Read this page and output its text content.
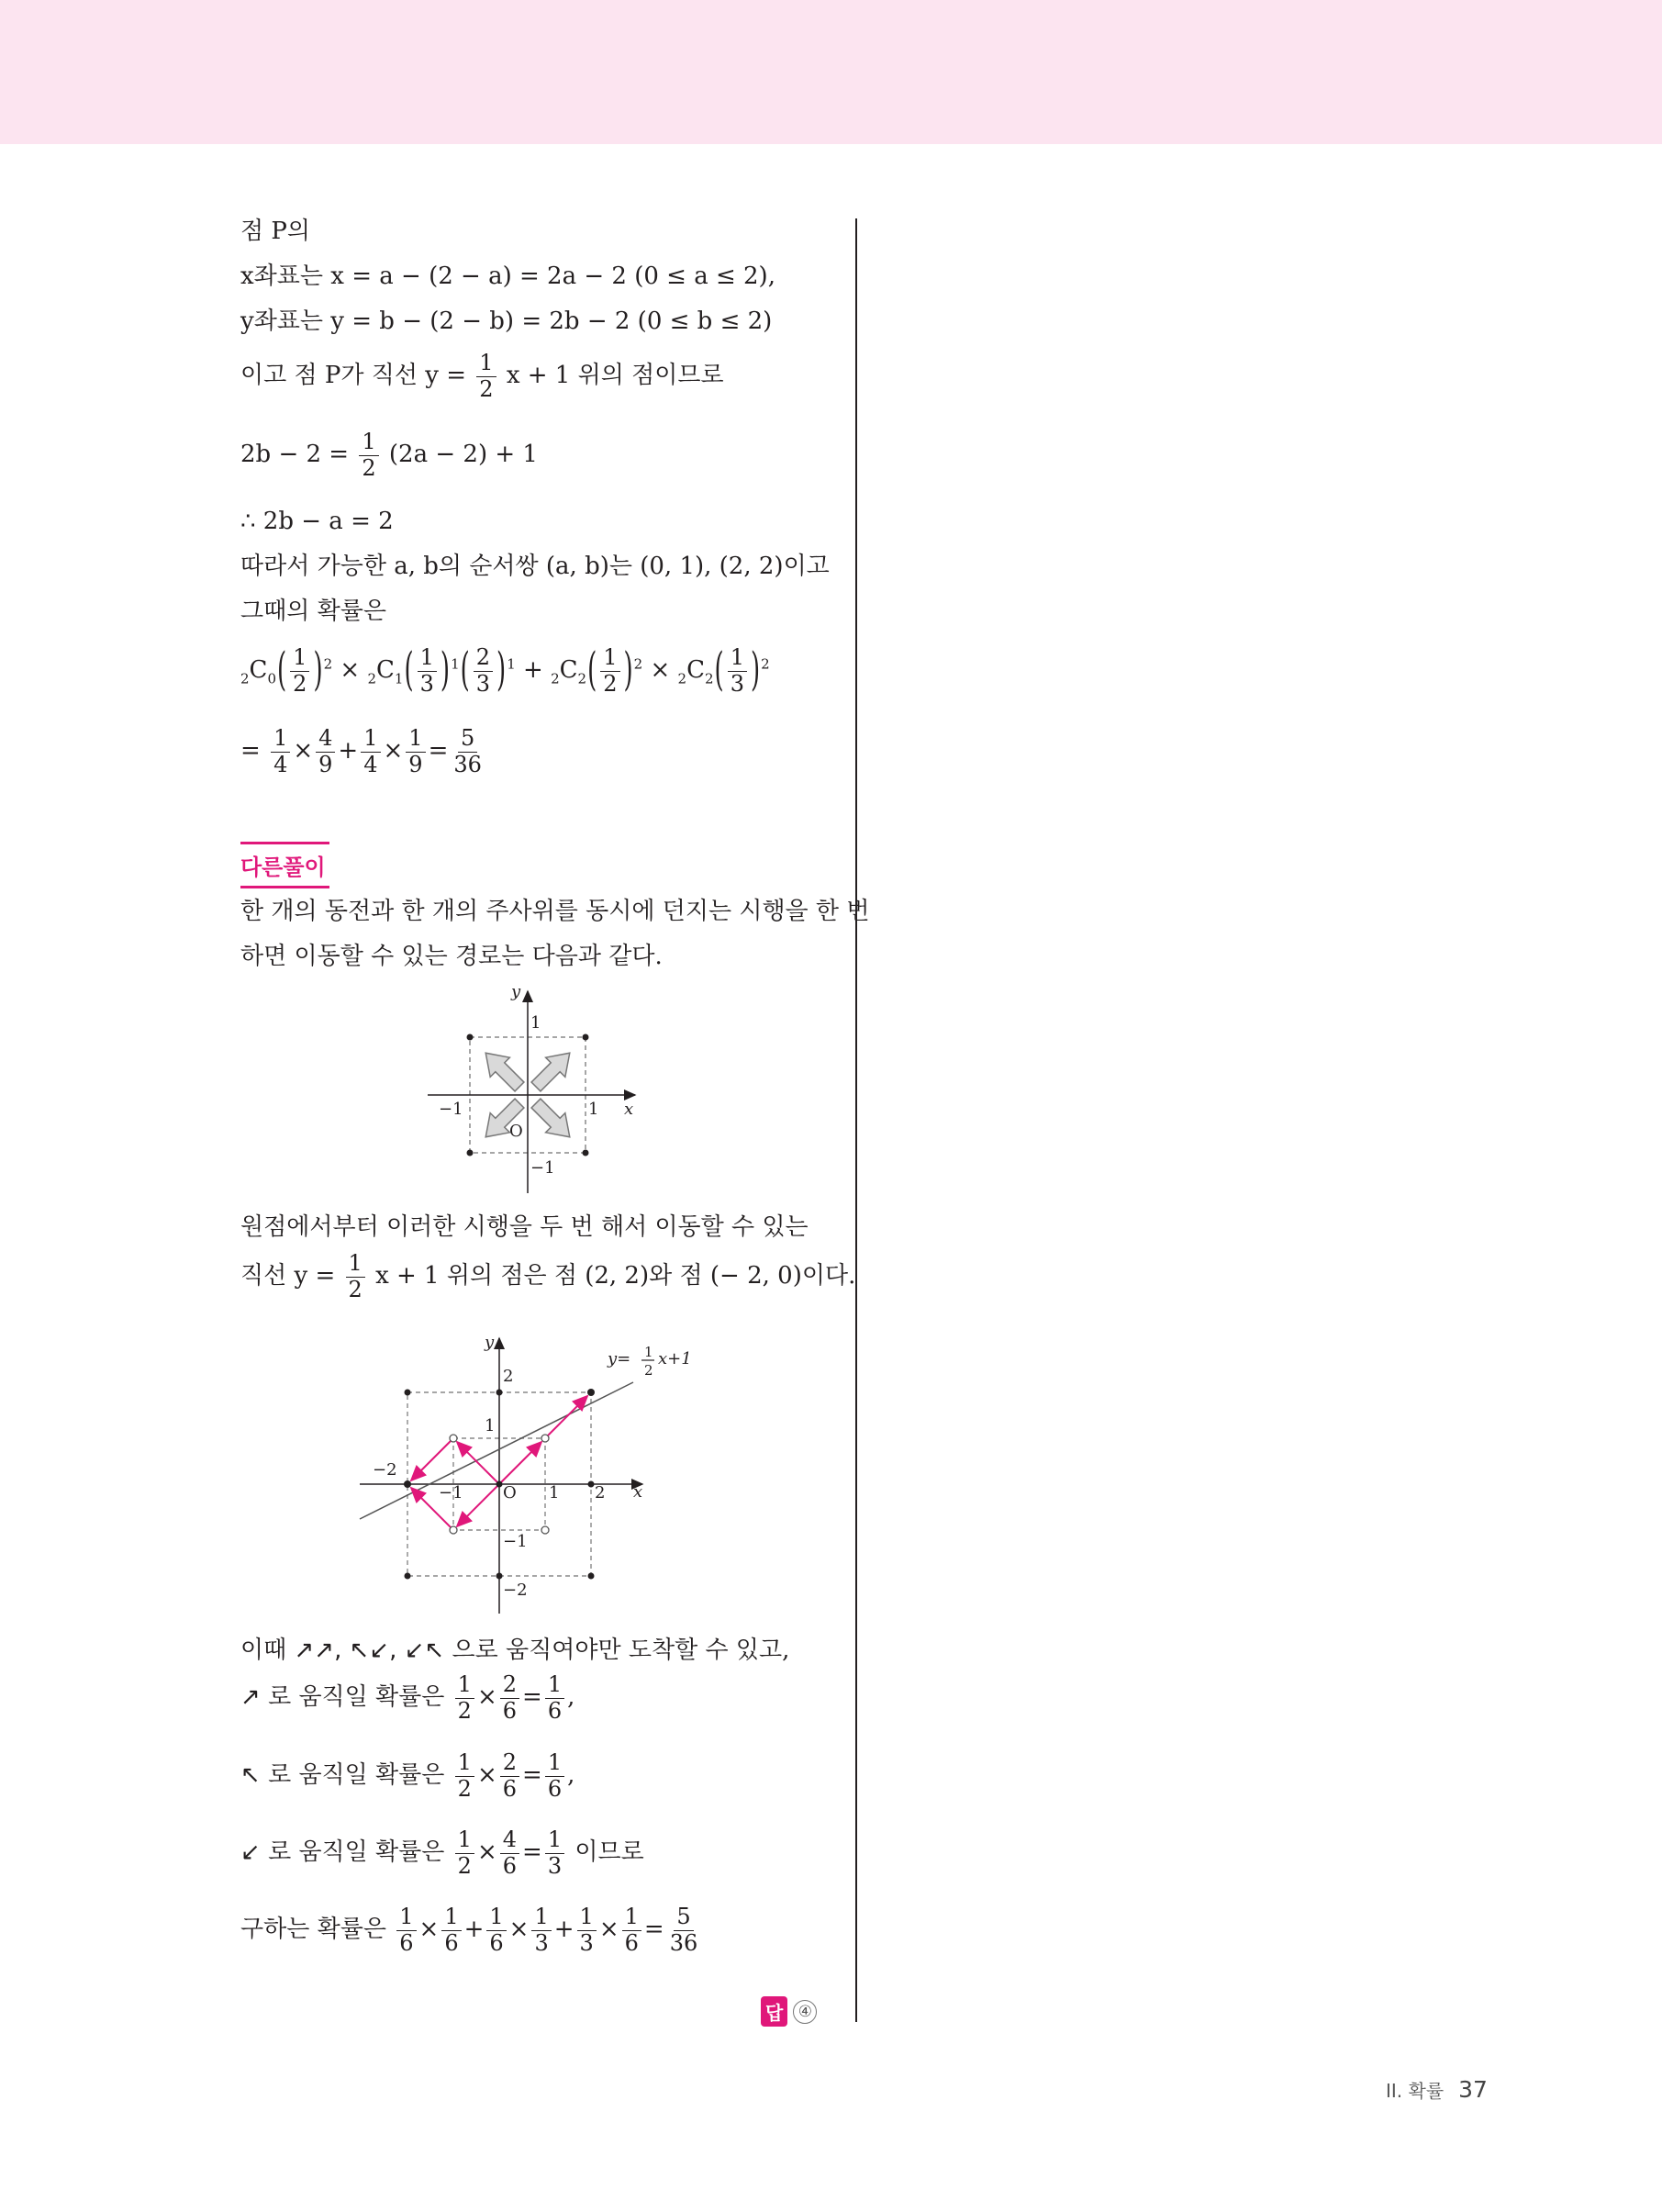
점 P의
x좌표는 x = a − (2 − a) = 2a − 2 (0 ≤ a ≤ 2),
y좌표는 y = b − (2 − b) = 2b − 2 (0 ≤ b ≤ 2)
이고 점 P가 직선 $y = \frac{1}{2}$ x + 1 위의 점이므로
$2b - 2 = \frac{1}{2} (2a - 2) + 1$
∴ 2b − a = 2
따라서 가능한 a, b의 순서쌍 (a, b)는 (0, 1), (2, 2)이고
그때의 확률은
$_2C_0( \frac{1}{2} )^2 \times _2C_1( \frac{1}{3} )^1( \frac{2}{3} )^1 + _2C_2( \frac{1}{2} )^2 \times _2C_2( \frac{1}{3} )^2$
= $\frac{1}{4} \times \frac{4}{9} + \frac{1}{4} \times \frac{1}{9} = \frac{5}{36}$
다른풀이
한 개의 동전과 한 개의 주사위를 동시에 던지는 시행을 한 번
하면 이동할 수 있는 경로는 다음과 같다.
원점에서부터 이러한 시행을 두 번 해서 이동할 수 있는
직선 $y = \frac{1}{2}$ x + 1 위의 점은 점 (2, 2)와 점 (− 2, 0)이다.
이때 ↗↗, ↖↙, ↙↖ 으로 움직여야만 도착할 수 있고,
↗ 로 움직일 확률은 $\frac{1}{2} \times \frac{2}{6} = \frac{1}{6}$ ,
↖ 로 움직일 확률은 $\frac{1}{2} \times \frac{2}{6} = \frac{1}{6}$ ,
↙ 로 움직일 확률은 $\frac{1}{2} \times \frac{4}{6} = \frac{1}{3}$ 이므로
구하는 확률은 $\frac{1}{6} \times \frac{1}{6} + \frac{1}{6} \times \frac{1}{3} + \frac{1}{3} \times \frac{1}{6} = \frac{5}{36}$
답 ④
y
x
1
−1	1
O
−1
y
x
2
1
−2
−1 O 1 2
−1
−2
y= 1
2
x+1
II. 확률 37
